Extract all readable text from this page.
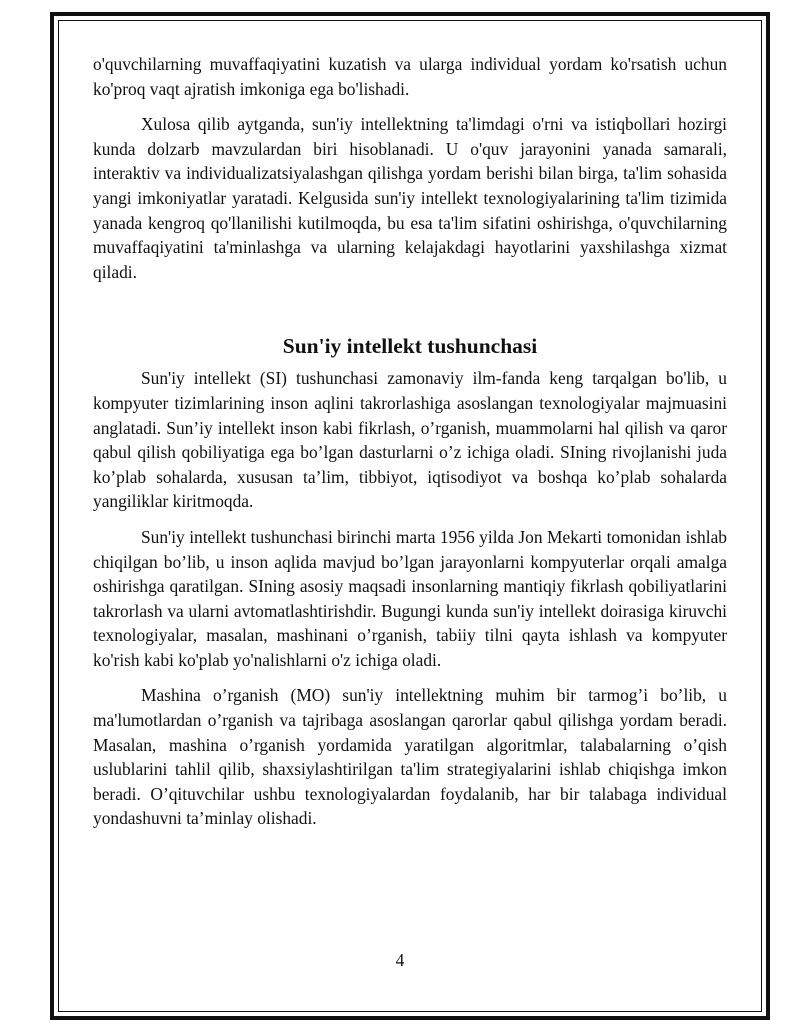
o'quvchilarning muvaffaqiyatini kuzatish va ularga individual yordam ko'rsatish uchun ko'proq vaqt ajratish imkoniga ega bo'lishadi.

Xulosa qilib aytganda, sun'iy intellektning ta'limdagi o'rni va istiqbollari hozirgi kunda dolzarb mavzulardan biri hisoblanadi. U o'quv jarayonini yanada samarali, interaktiv va individualizatsiyalashgan qilishga yordam berishi bilan birga, ta'lim sohasida yangi imkoniyatlar yaratadi. Kelgusida sun'iy intellekt texnologiyalarining ta'lim tizimida yanada kengroq qo'llanilishi kutilmoqda, bu esa ta'lim sifatini oshirishga, o'quvchilarning muvaffaqiyatini ta'minlashga va ularning kelajakdagi hayotlarini yaxshilashga xizmat qiladi.

Sun'iy intellekt tushunchasi

Sun'iy intellekt (SI) tushunchasi zamonaviy ilm-fanda keng tarqalgan bo'lib, u kompyuter tizimlarining inson aqlini takrorlashiga asoslangan texnologiyalar majmuasini anglatadi. Sun’iy intellekt inson kabi fikrlash, o’rganish, muammolarni hal qilish va qaror qabul qilish qobiliyatiga ega bo’lgan dasturlarni o’z ichiga oladi. SIning rivojlanishi juda ko’plab sohalarda, xususan ta’lim, tibbiyot, iqtisodiyot va boshqa ko’plab sohalarda yangiliklar kiritmoqda.

Sun'iy intellekt tushunchasi birinchi marta 1956 yilda Jon Mekarti tomonidan ishlab chiqilgan bo’lib, u inson aqlida mavjud bo’lgan jarayonlarni kompyuterlar orqali amalga oshirishga qaratilgan. SIning asosiy maqsadi insonlarning mantiqiy fikrlash qobiliyatlarini takrorlash va ularni avtomatlashtirishdir. Bugungi kunda sun'iy intellekt doirasiga kiruvchi texnologiyalar, masalan, mashinani o’rganish, tabiiy tilni qayta ishlash va kompyuter ko'rish kabi ko'plab yo'nalishlarni o'z ichiga oladi.

Mashina o’rganish (MO) sun'iy intellektning muhim bir tarmog’i bo’lib, u ma'lumotlardan o’rganish va tajribaga asoslangan qarorlar qabul qilishga yordam beradi. Masalan, mashina o’rganish yordamida yaratilgan algoritmlar, talabalarning o’qish uslublarini tahlil qilib, shaxsiylashtirilgan ta'lim strategiyalarini ishlab chiqishga imkon beradi. O’qituvchilar ushbu texnologiyalardan foydalanib, har bir talabaga individual yondashuvni ta’minlay olishadi.

4
